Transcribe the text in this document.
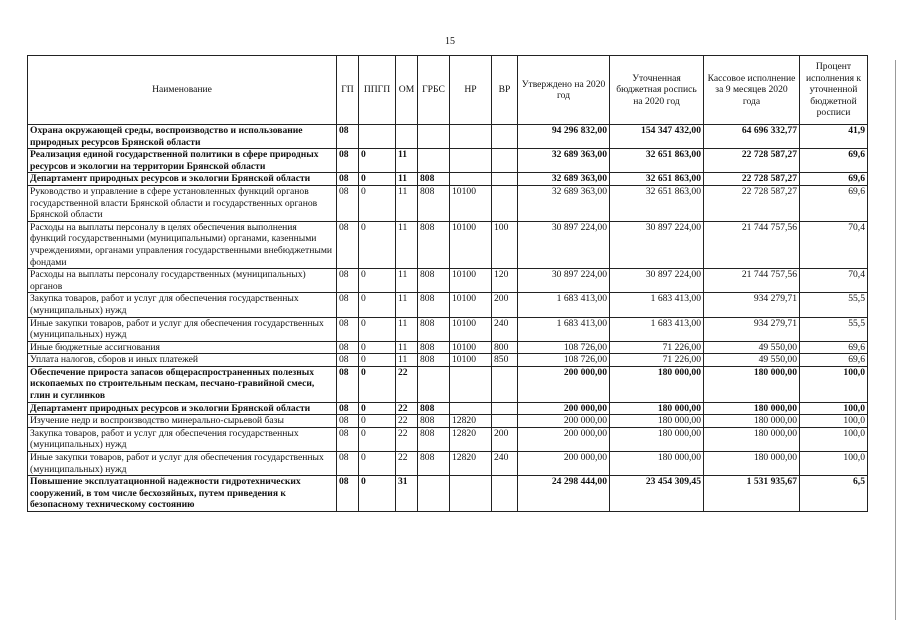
15
Наименование	ГП	ППГП	ОМ	ГРБС	НР	ВР	Утверждено на 2020 год	Уточненная бюджетная роспись на 2020 год	Кассовое исполнение за 9 месяцев 2020 года	Процент исполнения к уточненной бюджетной росписи
Охрана окружающей среды, воспроизводство и использование природных ресурсов Брянской области	08						94 296 832,00	154 347 432,00	64 696 332,77	41,9
Реализация единой государственной политики в сфере природных ресурсов и экологии на территории Брянской области	08	0	11				32 689 363,00	32 651 863,00	22 728 587,27	69,6
Департамент природных ресурсов и экологии Брянской области	08	0	11	808			32 689 363,00	32 651 863,00	22 728 587,27	69,6
Руководство и управление в сфере установленных функций органов государственной власти Брянской области и государственных органов Брянской области	08	0	11	808	10100		32 689 363,00	32 651 863,00	22 728 587,27	69,6
Расходы на выплаты персоналу в целях обеспечения выполнения функций государственными (муниципальными) органами, казенными учреждениями, органами управления государственными внебюджетными фондами	08	0	11	808	10100	100	30 897 224,00	30 897 224,00	21 744 757,56	70,4
Расходы на выплаты персоналу государственных (муниципальных) органов	08	0	11	808	10100	120	30 897 224,00	30 897 224,00	21 744 757,56	70,4
Закупка товаров, работ и услуг для обеспечения государственных (муниципальных) нужд	08	0	11	808	10100	200	1 683 413,00	1 683 413,00	934 279,71	55,5
Иные закупки товаров, работ и услуг для обеспечения государственных (муниципальных) нужд	08	0	11	808	10100	240	1 683 413,00	1 683 413,00	934 279,71	55,5
Иные бюджетные ассигнования	08	0	11	808	10100	800	108 726,00	71 226,00	49 550,00	69,6
Уплата налогов, сборов и иных платежей	08	0	11	808	10100	850	108 726,00	71 226,00	49 550,00	69,6
Обеспечение прироста запасов общераспространенных полезных ископаемых по строительным пескам, песчано-гравийной смеси, глин и суглинков	08	0	22				200 000,00	180 000,00	180 000,00	100,0
Департамент природных ресурсов и экологии Брянской области	08	0	22	808			200 000,00	180 000,00	180 000,00	100,0
Изучение недр и воспроизводство минерально-сырьевой базы	08	0	22	808	12820		200 000,00	180 000,00	180 000,00	100,0
Закупка товаров, работ и услуг для обеспечения государственных (муниципальных) нужд	08	0	22	808	12820	200	200 000,00	180 000,00	180 000,00	100,0
Иные закупки товаров, работ и услуг для обеспечения государственных (муниципальных) нужд	08	0	22	808	12820	240	200 000,00	180 000,00	180 000,00	100,0
Повышение эксплуатационной надежности гидротехнических сооружений, в том числе бесхозяйных, путем приведения к безопасному техническому состоянию	08	0	31				24 298 444,00	23 454 309,45	1 531 935,67	6,5
